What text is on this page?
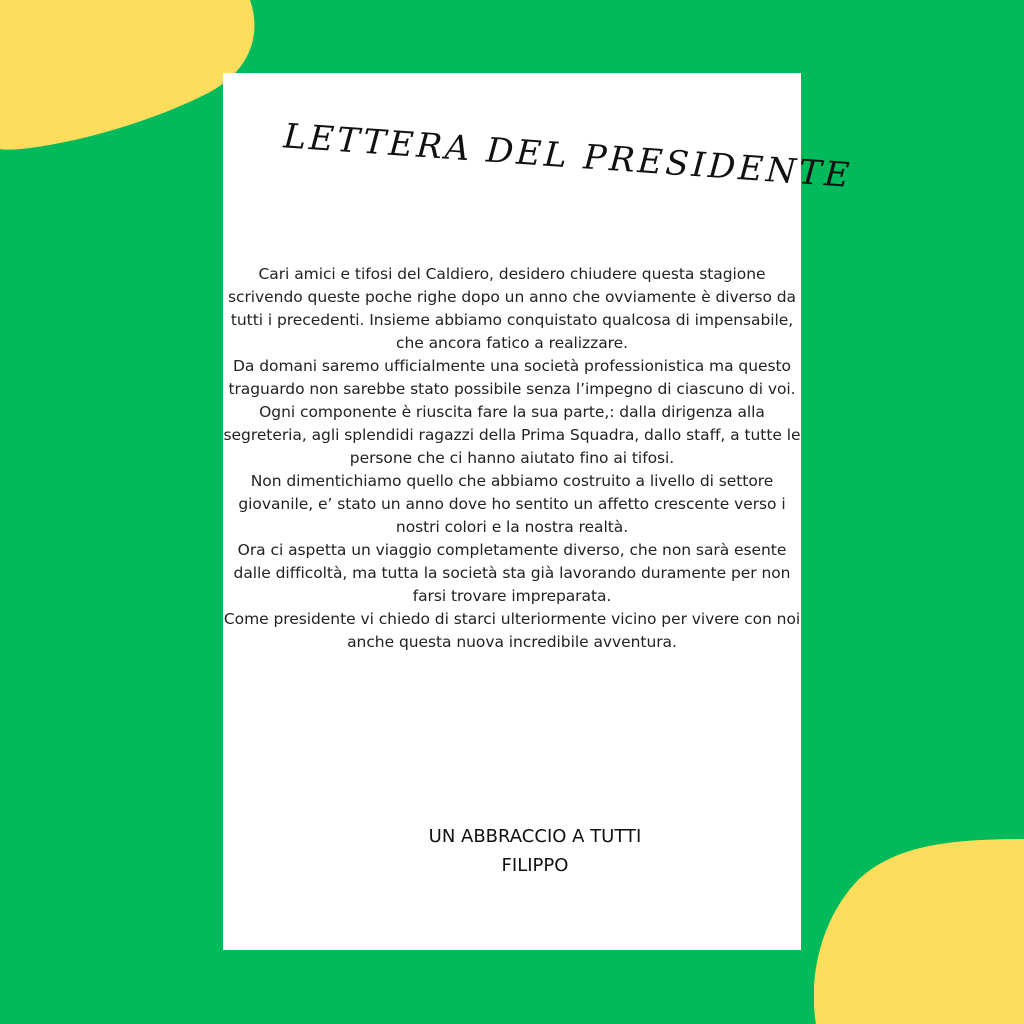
LETTERA DEL PRESIDENTE

Cari amici e tifosi del Caldiero, desidero chiudere questa stagione scrivendo queste poche righe dopo un anno che ovviamente è diverso da tutti i precedenti. Insieme abbiamo conquistato qualcosa di impensabile, che ancora fatico a realizzare.

Da domani saremo ufficialmente una società professionistica ma questo traguardo non sarebbe stato possibile senza l’impegno di ciascuno di voi.

Ogni componente è riuscita fare la sua parte,: dalla dirigenza alla segreteria, agli splendidi ragazzi della Prima Squadra, dallo staff, a tutte le persone che ci hanno aiutato fino ai tifosi.

Non dimentichiamo quello che abbiamo costruito a livello di settore giovanile, e’ stato un anno dove ho sentito un affetto crescente verso i nostri colori e la nostra realtà.

Ora ci aspetta un viaggio completamente diverso, che non sarà esente dalle difficoltà, ma tutta la società sta già lavorando duramente per non farsi trovare impreparata.

Come presidente vi chiedo di starci ulteriormente vicino per vivere con noi anche questa nuova incredibile avventura.

UN ABBRACCIO A TUTTI
FILIPPO
